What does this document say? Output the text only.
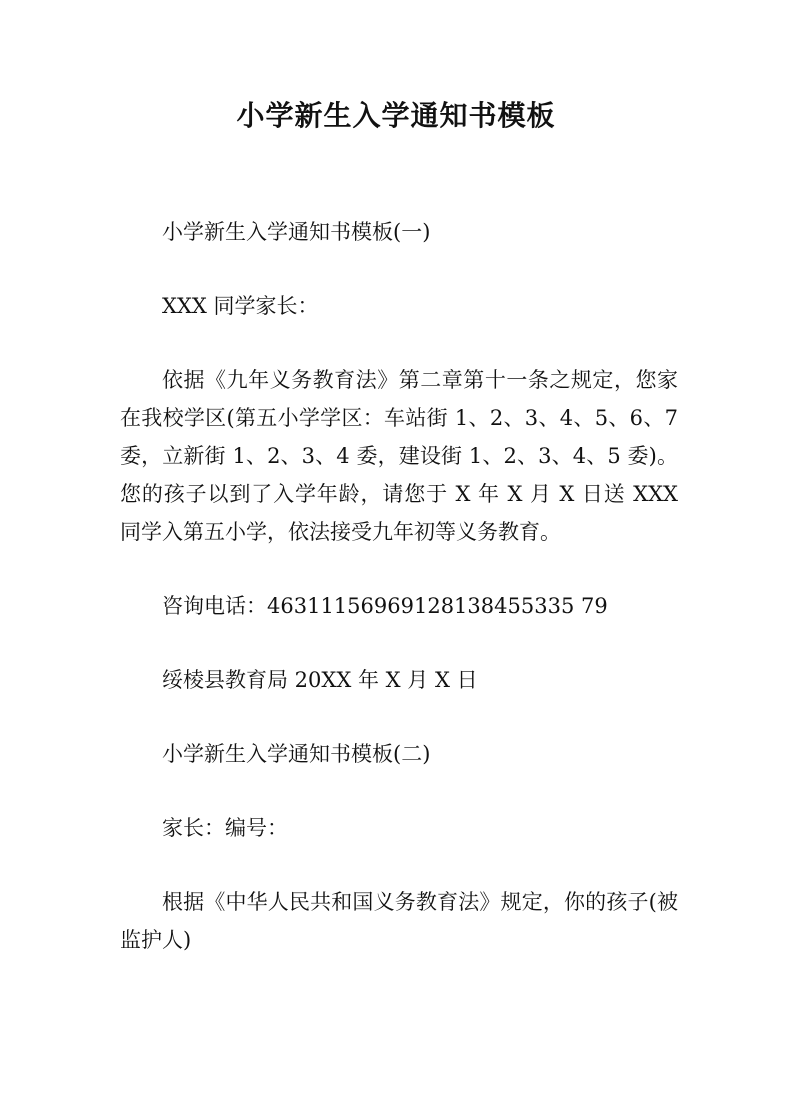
小学新生入学通知书模板

小学新生入学通知书模板(一)

XXX 同学家长：

依据《九年义务教育法》第二章第十一条之规定，您家在我校学区(第五小学学区：车站街 1、2、3、4、5、6、7 委，立新街 1、2、3、4 委，建设街 1、2、3、4、5 委)。您的孩子以到了入学年龄，请您于 X 年 X 月 X 日送 XXX 同学入第五小学，依法接受九年初等义务教育。

咨询电话：46311156969128138455335 79

绥棱县教育局 20XX 年 X 月 X 日

小学新生入学通知书模板(二)

家长：编号：

根据《中华人民共和国义务教育法》规定，你的孩子(被监护人)
